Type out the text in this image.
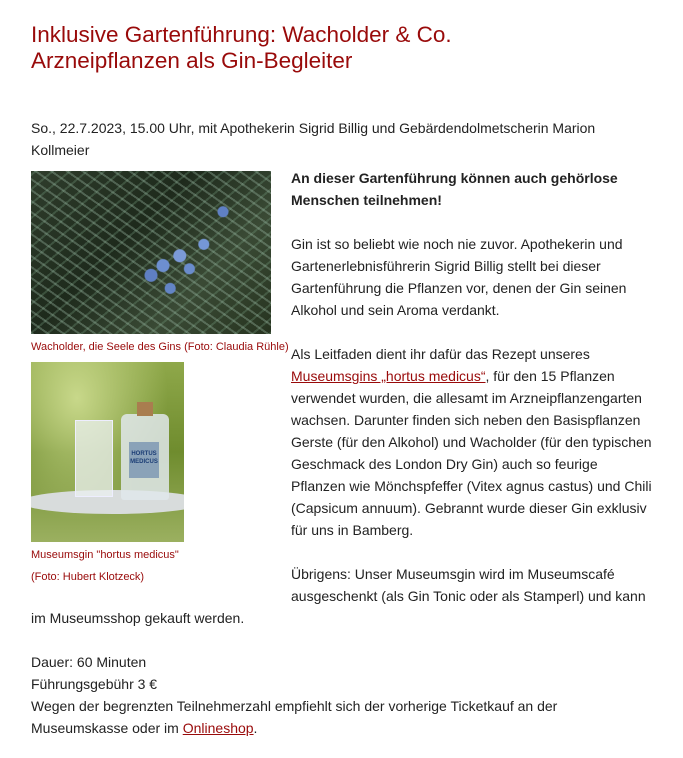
Inklusive Gartenführung: Wacholder & Co.
Arzneipflanzen als Gin-Begleiter
So., 22.7.2023, 15.00 Uhr, mit Apothekerin Sigrid Billig und Gebärdendolmetscherin Marion Kollmeier
Wacholder, die Seele des Gins (Foto: Claudia Rühle)
HORTUS MEDICUS
Museumsgin "hortus medicus"
(Foto: Hubert Klotzeck)

An dieser Gartenführung können auch gehörlose Menschen teilnehmen!

Gin ist so beliebt wie noch nie zuvor. Apothekerin und Gartenerlebnisführerin Sigrid Billig stellt bei dieser Gartenführung die Pflanzen vor, denen der Gin seinen Alkohol und sein Aroma verdankt.

Als Leitfaden dient ihr dafür das Rezept unseres Museumsgins „hortus medicus“, für den 15 Pflanzen verwendet wurden, die allesamt im Arzneipflanzengarten wachsen. Darunter finden sich neben den Basispflanzen Gerste (für den Alkohol) und Wacholder (für den typischen Geschmack des London Dry Gin) auch so feurige Pflanzen wie Mönchspfeffer (Vitex agnus castus) und Chili (Capsicum annuum). Gebrannt wurde dieser Gin exklusiv für uns in Bamberg.

Übrigens: Unser Museumsgin wird im Museumscafé ausgeschenkt (als Gin Tonic oder als Stamperl) und kann im Museumsshop gekauft werden.

Dauer: 60 Minuten
Führungsgebühr 3 €
Wegen der begrenzten Teilnehmerzahl empfiehlt sich der vorherige Ticketkauf an der Museumskasse oder im Onlineshop.
